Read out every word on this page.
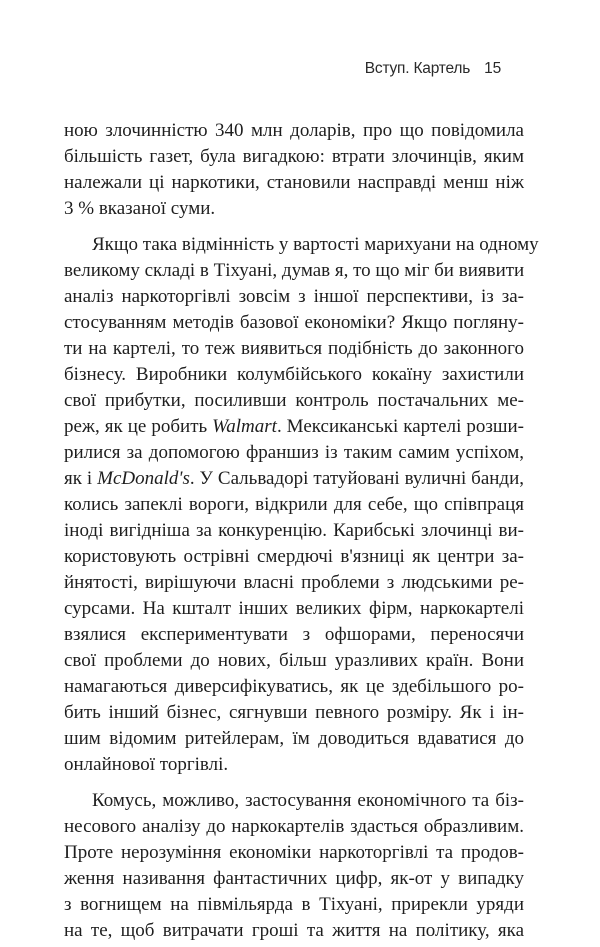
Вступ. Картель 15
ною злочинністю 340 млн доларів, про що повідомила
більшість газет, була вигадкою: втрати злочинців, яким
належали ці наркотики, становили насправді менш ніж
3 % вказаної суми.
Якщо така відмінність у вартості марихуани на одному
великому складі в Тіхуані, думав я, то що міг би виявити
аналіз наркоторгівлі зовсім з іншої перспективи, із за-
стосуванням методів базової економіки? Якщо погляну-
ти на картелі, то теж виявиться подібність до законного
бізнесу. Виробники колумбійського кокаїну захистили
свої прибутки, посиливши контроль постачальних ме-
реж, як це робить Walmart. Мексиканські картелі розши-
рилися за допомогою франшиз із таким самим успіхом,
як і McDonald's. У Сальвадорі татуйовані вуличні банди,
колись запеклі вороги, відкрили для себе, що співпраця
іноді вигідніша за конкуренцію. Карибські злочинці ви-
користовують острівні смердючі в'язниці як центри за-
йнятості, вирішуючи власні проблеми з людськими ре-
сурсами. На кшталт інших великих фірм, наркокартелі
взялися експериментувати з офшорами, переносячи
свої проблеми до нових, більш уразливих країн. Вони
намагаються диверсифікуватись, як це здебільшого ро-
бить інший бізнес, сягнувши певного розміру. Як і ін-
шим відомим ритейлерам, їм доводиться вдаватися до
онлайнової торгівлі.
Комусь, можливо, застосування економічного та біз-
несового аналізу до наркокартелів здасться образливим.
Проте нерозуміння економіки наркоторгівлі та продов-
ження називання фантастичних цифр, як-от у випадку
з вогнищем на півмільярда в Тіхуані, прирекли уряди
на те, щоб витрачати гроші та життя на політику, яка
